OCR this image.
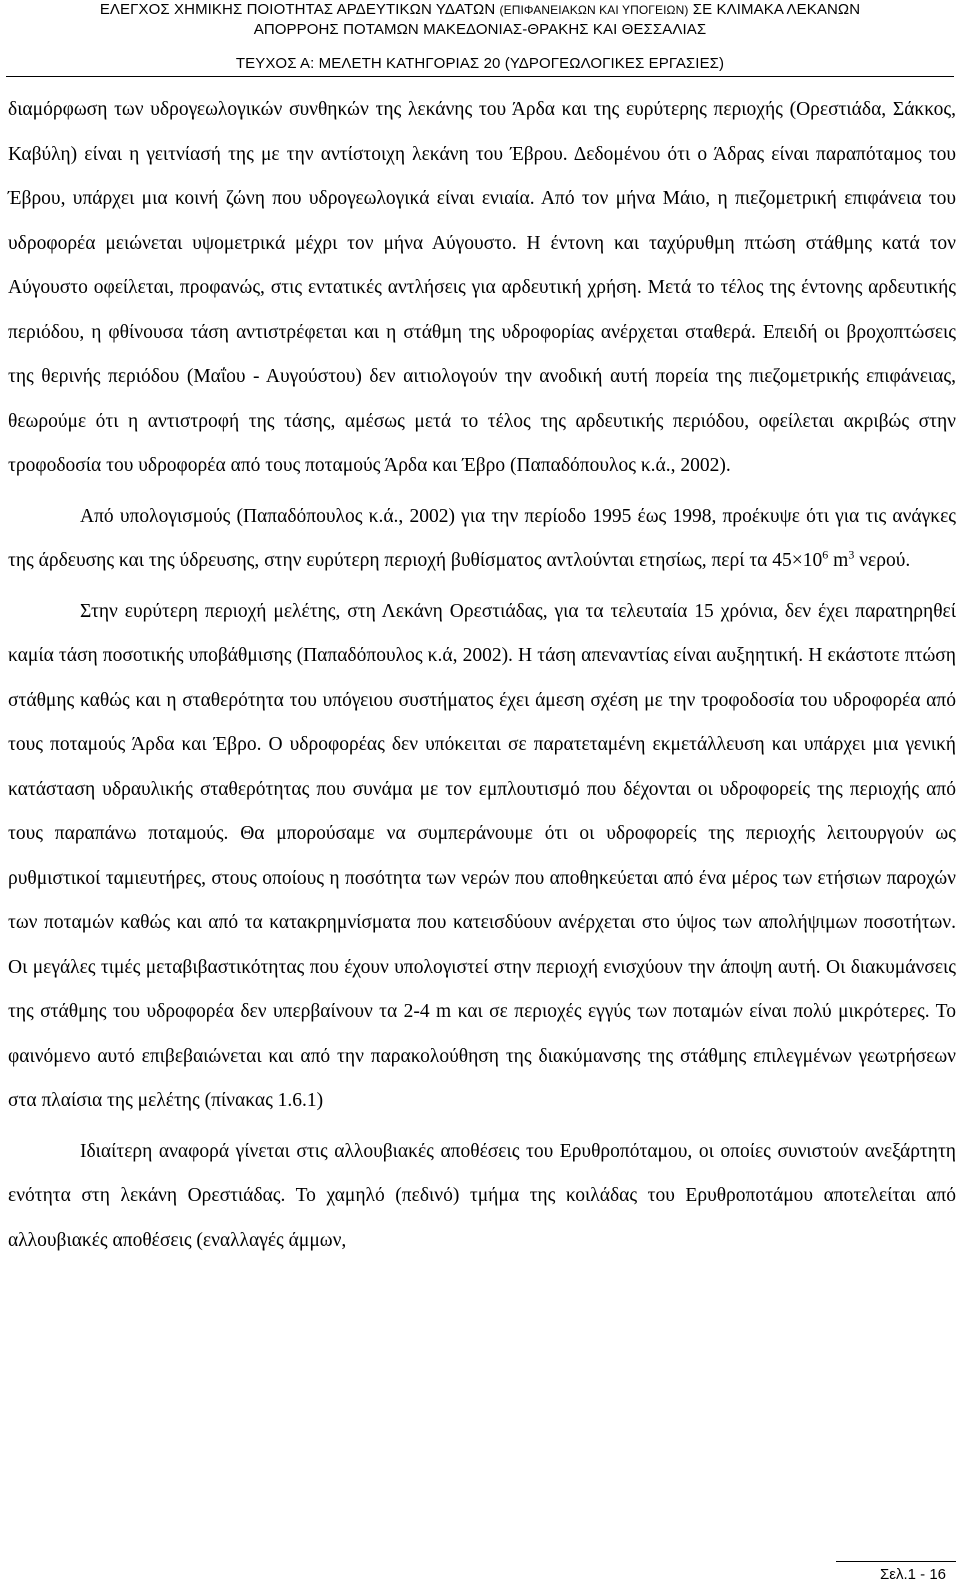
ΕΛΕΓΧΟΣ ΧΗΜΙΚΗΣ ΠΟΙΟΤΗΤΑΣ ΑΡΔΕΥΤΙΚΩΝ ΥΔΑΤΩΝ (ΕΠΙΦΑΝΕΙΑΚΩΝ ΚΑΙ ΥΠΟΓΕΙΩΝ) ΣΕ ΚΛΙΜΑΚΑ ΛΕΚΑΝΩΝ
ΑΠΟΡΡΟΗΣ ΠΟΤΑΜΩΝ ΜΑΚΕΔΟΝΙΑΣ-ΘΡΑΚΗΣ ΚΑΙ ΘΕΣΣΑΛΙΑΣ
ΤΕΥΧΟΣ Α: ΜΕΛΕΤΗ ΚΑΤΗΓΟΡΙΑΣ 20 (ΥΔΡΟΓΕΩΛΟΓΙΚΕΣ ΕΡΓΑΣΙΕΣ)

διαμόρφωση των υδρογεωλογικών συνθηκών της λεκάνης του Άρδα και της ευρύτερης περιοχής (Ορεστιάδα, Σάκκος, Καβύλη) είναι η γειτνίασή της με την αντίστοιχη λεκάνη του Έβρου. Δεδομένου ότι ο Άδρας είναι παραπόταμος του Έβρου, υπάρχει μια κοινή ζώνη που υδρογεωλογικά είναι ενιαία. Από τον μήνα Μάιο, η πιεζομετρική επιφάνεια του υδροφορέα μειώνεται υψομετρικά μέχρι τον μήνα Αύγουστο. Η έντονη και ταχύρυθμη πτώση στάθμης κατά τον Αύγουστο οφείλεται, προφανώς, στις εντατικές αντλήσεις για αρδευτική χρήση. Μετά το τέλος της έντονης αρδευτικής περιόδου, η φθίνουσα τάση αντιστρέφεται και η στάθμη της υδροφορίας ανέρχεται σταθερά. Επειδή οι βροχοπτώσεις της θερινής περιόδου (Μαΐου - Αυγούστου) δεν αιτιολογούν την ανοδική αυτή πορεία της πιεζομετρικής επιφάνειας, θεωρούμε ότι η αντιστροφή της τάσης, αμέσως μετά το τέλος της αρδευτικής περιόδου, οφείλεται ακριβώς στην τροφοδοσία του υδροφορέα από τους ποταμούς Άρδα και Έβρο (Παπαδόπουλος κ.ά., 2002).

Από υπολογισμούς (Παπαδόπουλος κ.ά., 2002) για την περίοδο 1995 έως 1998, προέκυψε ότι για τις ανάγκες της άρδευσης και της ύδρευσης, στην ευρύτερη περιοχή βυθίσματος αντλούνται ετησίως, περί τα $45\times 10^6$ $m^3$ νερού.

Στην ευρύτερη περιοχή μελέτης, στη Λεκάνη Ορεστιάδας, για τα τελευταία 15 χρόνια, δεν έχει παρατηρηθεί καμία τάση ποσοτικής υποβάθμισης (Παπαδόπουλος κ.ά, 2002). Η τάση απεναντίας είναι αυξηητική. Η εκάστοτε πτώση στάθμης καθώς και η σταθερότητα του υπόγειου συστήματος έχει άμεση σχέση με την τροφοδοσία του υδροφορέα από τους ποταμούς Άρδα και Έβρο. Ο υδροφορέας δεν υπόκειται σε παρατεταμένη εκμετάλλευση και υπάρχει μια γενική κατάσταση υδραυλικής σταθερότητας που συνάμα με τον εμπλουτισμό που δέχονται οι υδροφορείς της περιοχής από τους παραπάνω ποταμούς. Θα μπορούσαμε να συμπεράνουμε ότι οι υδροφορείς της περιοχής λειτουργούν ως ρυθμιστικοί ταμιευτήρες, στους οποίους η ποσότητα των νερών που αποθηκεύεται από ένα μέρος των ετήσιων παροχών των ποταμών καθώς και από τα κατακρημνίσματα που κατεισδύουν ανέρχεται στο ύψος των απολήψιμων ποσοτήτων. Οι μεγάλες τιμές μεταβιβαστικότητας που έχουν υπολογιστεί στην περιοχή ενισχύουν την άποψη αυτή. Οι διακυμάνσεις της στάθμης του υδροφορέα δεν υπερβαίνουν τα 2-4 m και σε περιοχές εγγύς των ποταμών είναι πολύ μικρότερες. Το φαινόμενο αυτό επιβεβαιώνεται και από την παρακολούθηση της διακύμανσης της στάθμης επιλεγμένων γεωτρήσεων στα πλαίσια της μελέτης (πίνακας 1.6.1)

Ιδιαίτερη αναφορά γίνεται στις αλλουβιακές αποθέσεις του Ερυθροπόταμου, οι οποίες συνιστούν ανεξάρτητη ενότητα στη λεκάνη Ορεστιάδας. Το χαμηλό (πεδινό) τμήμα της κοιλάδας του Ερυθροποτάμου αποτελείται από αλλουβιακές αποθέσεις (εναλλαγές άμμων,

Σελ.1 - 16
